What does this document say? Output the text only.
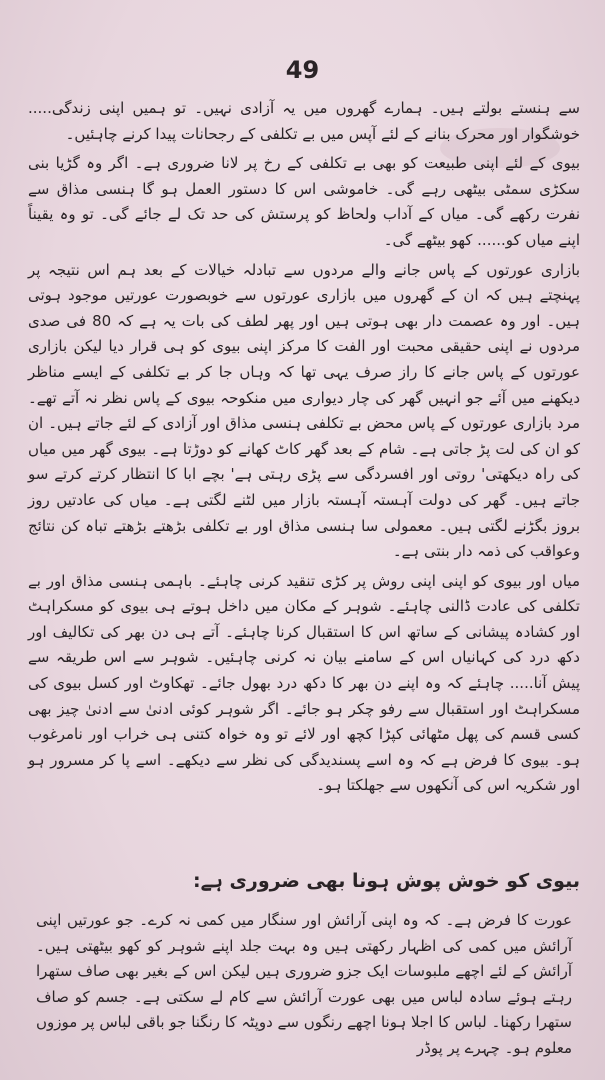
49

سے ہنستے بولتے ہیں۔ ہمارے گھروں میں یہ آزادی نہیں۔ تو ہمیں اپنی زندگی..... خوشگوار اور محرک بنانے کے لئے آپس میں بے تکلفی کے رجحانات پیدا کرنے چاہئیں۔

بیوی کے لئے اپنی طبیعت کو بھی بے تکلفی کے رخ پر لانا ضروری ہے۔ اگر وہ گڑیا بنی سکڑی سمٹی بیٹھی رہے گی۔ خاموشی اس کا دستور العمل ہو گا ہنسی مذاق سے نفرت رکھے گی۔ میاں کے آداب ولحاظ کو پرستش کی حد تک لے جائے گی۔ تو وہ یقیناً اپنے میاں کو...... کھو بیٹھے گی۔

بازاری عورتوں کے پاس جانے والے مردوں سے تبادلہ خیالات کے بعد ہم اس نتیجہ پر پہنچتے ہیں کہ ان کے گھروں میں بازاری عورتوں سے خوبصورت عورتیں موجود ہوتی ہیں۔ اور وہ عصمت دار بھی ہوتی ہیں اور پھر لطف کی بات یہ ہے کہ 80 فی صدی مردوں نے اپنی حقیقی محبت اور الفت کا مرکز اپنی بیوی کو ہی قرار دیا لیکن بازاری عورتوں کے پاس جانے کا راز صرف یہی تھا کہ وہاں جا کر بے تکلفی کے ایسے مناظر دیکھنے میں آئے جو انہیں گھر کی چار دیواری میں منکوحہ بیوی کے پاس نظر نہ آتے تھے۔ مرد بازاری عورتوں کے پاس محض بے تکلفی ہنسی مذاق اور آزادی کے لئے جاتے ہیں۔ ان کو ان کی لت پڑ جاتی ہے۔ شام کے بعد گھر کاٹ کھانے کو دوڑتا ہے۔ بیوی گھر میں میاں کی راہ دیکھتی' روتی اور افسردگی سے پڑی رہتی ہے' بچے ابا کا انتظار کرتے کرتے سو جاتے ہیں۔ گھر کی دولت آہستہ آہستہ بازار میں لٹنے لگتی ہے۔ میاں کی عادتیں روز بروز بگڑنے لگتی ہیں۔ معمولی سا ہنسی مذاق اور بے تکلفی بڑھتے بڑھتے تباہ کن نتائج وعواقب کی ذمہ دار بنتی ہے۔

میاں اور بیوی کو اپنی اپنی روش پر کڑی تنقید کرنی چاہئے۔ باہمی ہنسی مذاق اور بے تکلفی کی عادت ڈالنی چاہئے۔ شوہر کے مکان میں داخل ہوتے ہی بیوی کو مسکراہٹ اور کشادہ پیشانی کے ساتھ اس کا استقبال کرنا چاہئے۔ آتے ہی دن بھر کی تکالیف اور دکھ درد کی کہانیاں اس کے سامنے بیان نہ کرنی چاہئیں۔ شوہر سے اس طریقہ سے پیش آنا..... چاہئے کہ وہ اپنے دن بھر کا دکھ درد بھول جائے۔ تھکاوٹ اور کسل بیوی کی مسکراہٹ اور استقبال سے رفو چکر ہو جائے۔ اگر شوہر کوئی ادنیٰ سے ادنیٰ چیز بھی کسی قسم کی پھل مٹھائی کپڑا کچھ اور لائے تو وہ خواہ کتنی ہی خراب اور نامرغوب ہو۔ بیوی کا فرض ہے کہ وہ اسے پسندیدگی کی نظر سے دیکھے۔ اسے پا کر مسرور ہو اور شکریہ اس کی آنکھوں سے جھلکتا ہو۔

بیوی کو خوش پوش ہونا بھی ضروری ہے:
عورت کا فرض ہے۔ کہ وہ اپنی آرائش اور سنگار میں کمی نہ کرے۔ جو عورتیں اپنی آرائش میں کمی کی اظہار رکھتی ہیں وہ بہت جلد اپنے شوہر کو کھو بیٹھتی ہیں۔ آرائش کے لئے اچھے ملبوسات ایک جزو ضروری ہیں لیکن اس کے بغیر بھی صاف ستھرا رہتے ہوئے سادہ لباس میں بھی عورت آرائش سے کام لے سکتی ہے۔ جسم کو صاف ستھرا رکھنا۔ لباس کا اجلا ہونا اچھے رنگوں سے دوپٹہ کا رنگنا جو باقی لباس پر موزوں معلوم ہو۔ چہرے پر پوڈر
